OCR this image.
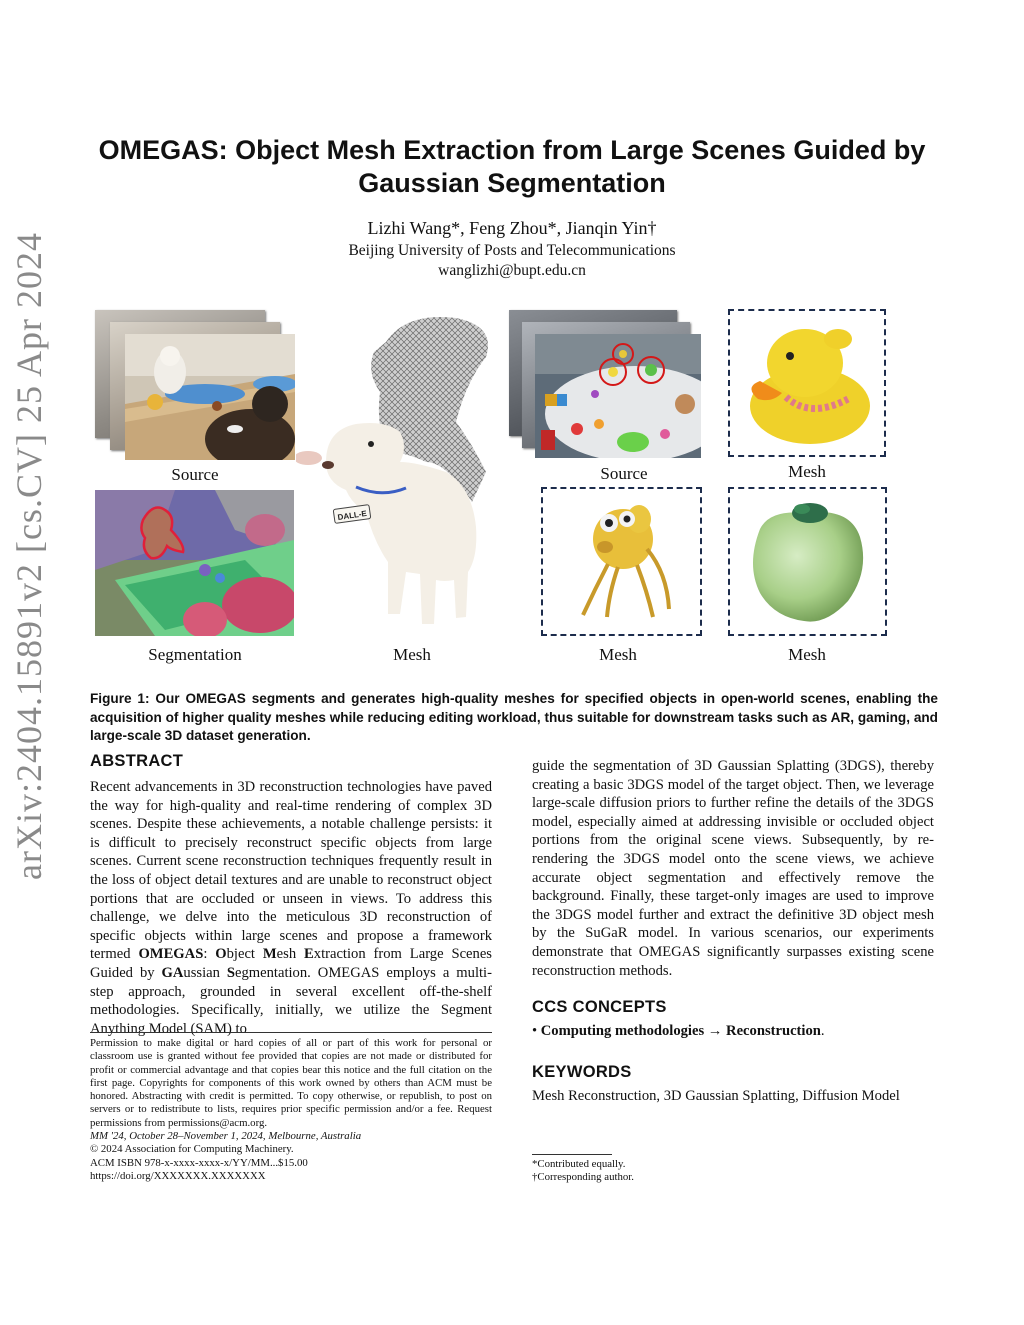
arXiv:2404.15891v2 [cs.CV] 25 Apr 2024
OMEGAS: Object Mesh Extraction from Large Scenes Guided by Gaussian Segmentation
Lizhi Wang*, Feng Zhou*, Jianqin Yin†
Beijing University of Posts and Telecommunications
wanglizhi@bupt.edu.cn
Source
Segmentation
DALL-E
Mesh
Source	Mesh
Mesh	Mesh
Figure 1: Our OMEGAS segments and generates high-quality meshes for specified objects in open-world scenes, enabling the acquisition of higher quality meshes while reducing editing workload, thus suitable for downstream tasks such as AR, gaming, and large-scale 3D dataset generation.
ABSTRACT

Recent advancements in 3D reconstruction technologies have paved the way for high-quality and real-time rendering of complex 3D scenes. Despite these achievements, a notable challenge persists: it is difficult to precisely reconstruct specific objects from large scenes. Current scene reconstruction techniques frequently result in the loss of object detail textures and are unable to reconstruct object portions that are occluded or unseen in views. To address this challenge, we delve into the meticulous 3D reconstruction of specific objects within large scenes and propose a framework termed OMEGAS: Object Mesh Extraction from Large Scenes Guided by GAussian Segmentation. OMEGAS employs a multi-step approach, grounded in several excellent off-the-shelf methodologies. Specifically, initially, we utilize the Segment Anything Model (SAM) to

Permission to make digital or hard copies of all or part of this work for personal or classroom use is granted without fee provided that copies are not made or distributed for profit or commercial advantage and that copies bear this notice and the full citation on the first page. Copyrights for components of this work owned by others than ACM must be honored. Abstracting with credit is permitted. To copy otherwise, or republish, to post on servers or to redistribute to lists, requires prior specific permission and/or a fee. Request permissions from permissions@acm.org.

MM '24, October 28–November 1, 2024, Melbourne, Australia

© 2024 Association for Computing Machinery.

ACM ISBN 978-x-xxxx-xxxx-x/YY/MM...$15.00

https://doi.org/XXXXXXX.XXXXXXX

guide the segmentation of 3D Gaussian Splatting (3DGS), thereby creating a basic 3DGS model of the target object. Then, we leverage large-scale diffusion priors to further refine the details of the 3DGS model, especially aimed at addressing invisible or occluded object portions from the original scene views. Subsequently, by re-rendering the 3DGS model onto the scene views, we achieve accurate object segmentation and effectively remove the background. Finally, these target-only images are used to improve the 3DGS model further and extract the definitive 3D object mesh by the SuGaR model. In various scenarios, our experiments demonstrate that OMEGAS significantly surpasses existing scene reconstruction methods.

CCS CONCEPTS
• Computing methodologies → Reconstruction.
KEYWORDS
Mesh Reconstruction, 3D Gaussian Splatting, Diffusion Model

*Contributed equally.

†Corresponding author.
